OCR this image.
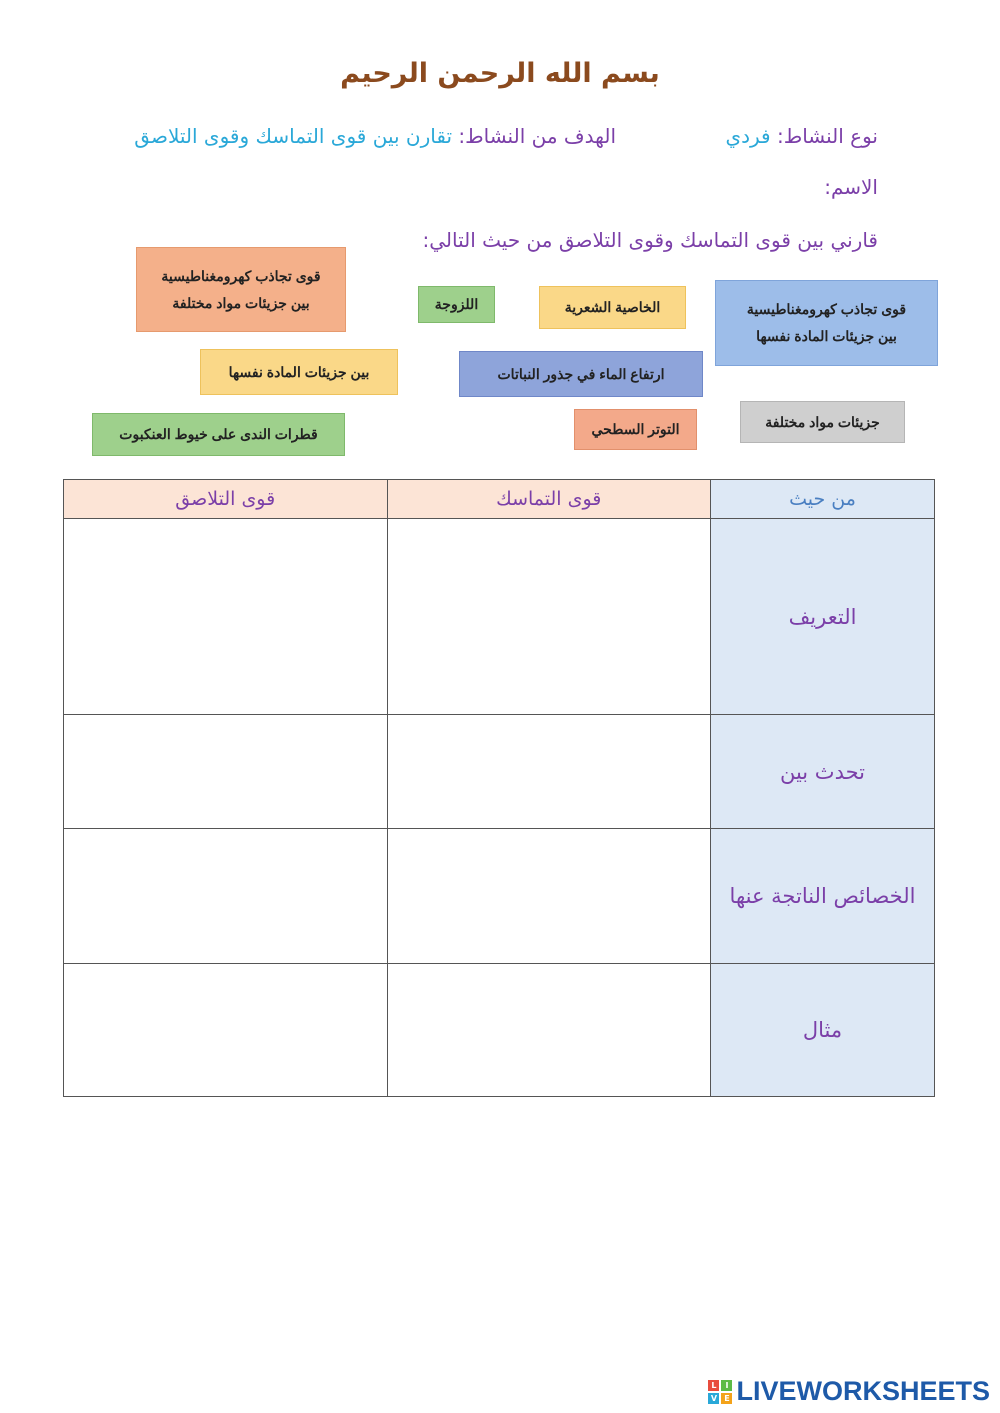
بسم الله الرحمن الرحيم
نوع النشاط: فردي
الهدف من النشاط: تقارن بين قوى التماسك وقوى التلاصق
الاسم:
قارني بين قوى التماسك وقوى التلاصق من حيث التالي:
قوى تجاذب كهرومغناطيسية
بين جزيئات مواد مختلفة	اللزوجة	الخاصية الشعرية	قوى تجاذب كهرومغناطيسية
بين جزيئات المادة نفسها
بين جزيئات المادة نفسها	ارتفاع الماء في جذور النباتات
قطرات الندى على خيوط العنكبوت	التوتر السطحي	جزيئات مواد مختلفة
من حيث	قوى التماسك	قوى التلاصق
التعريف		
تحدث بين		
الخصائص الناتجة عنها		
مثال		
L	I
V E LIVEWORKSHEETS
